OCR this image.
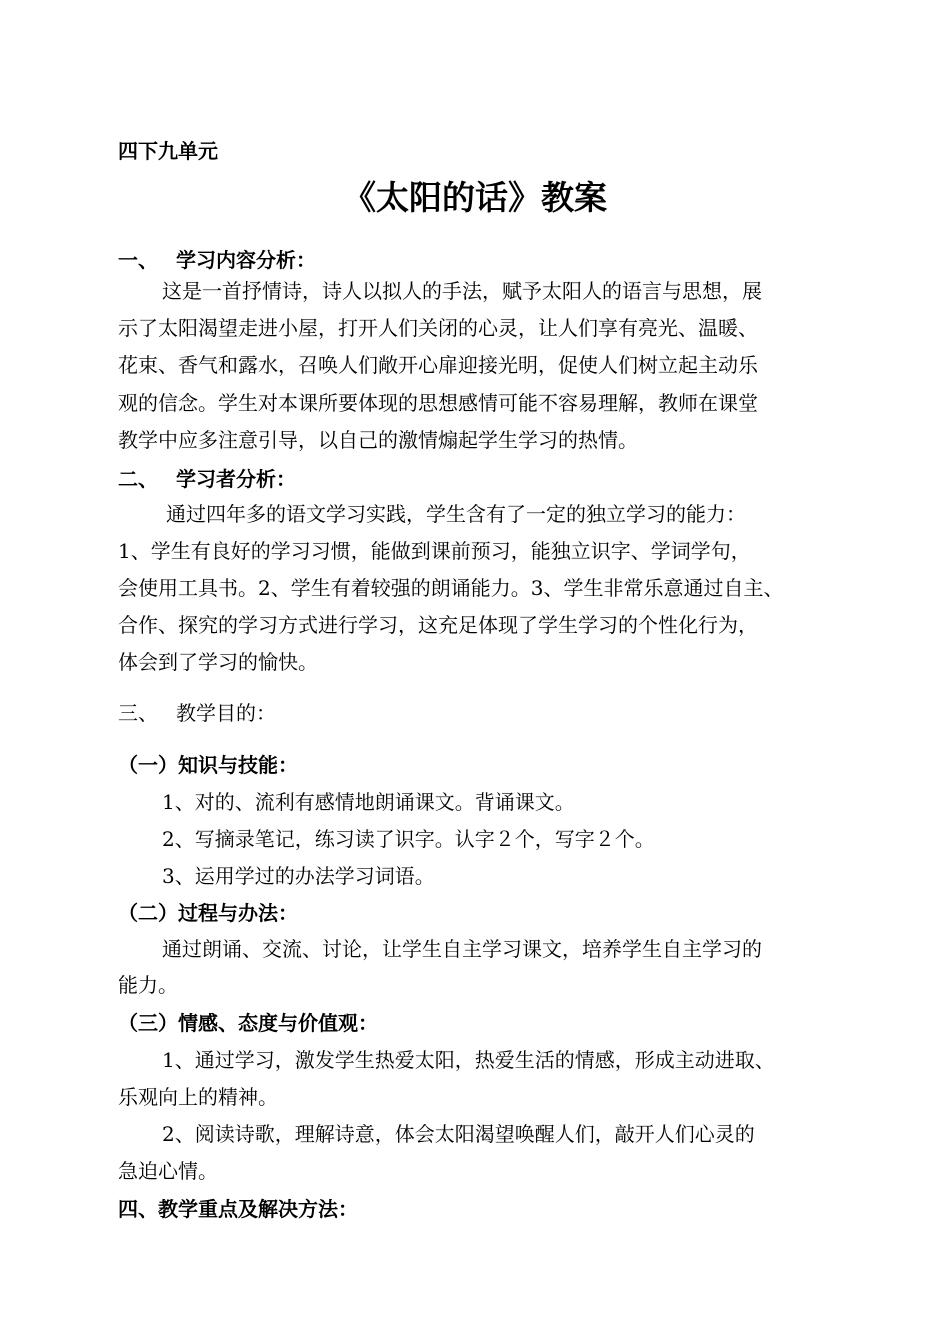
四下九单元
《太阳的话》教案
一、 学习内容分析：
这是一首抒情诗，诗人以拟人的手法，赋予太阳人的语言与思想，展
示了太阳渴望走进小屋，打开人们关闭的心灵，让人们享有亮光、温暖、
花束、香气和露水，召唤人们敞开心扉迎接光明，促使人们树立起主动乐
观的信念。学生对本课所要体现的思想感情可能不容易理解，教师在课堂
教学中应多注意引导，以自己的激情煽起学生学习的热情。
二、 学习者分析：
通过四年多的语文学习实践，学生含有了一定的独立学习的能力：
1、学生有良好的学习习惯，能做到课前预习，能独立识字、学词学句，
会使用工具书。2、学生有着较强的朗诵能力。3、学生非常乐意通过自主、
合作、探究的学习方式进行学习，这充足体现了学生学习的个性化行为，
体会到了学习的愉快。
三、 教学目的：
（一）知识与技能：
1、对的、流利有感情地朗诵课文。背诵课文。
2、写摘录笔记，练习读了识字。认字２个，写字２个。
3、运用学过的办法学习词语。
（二）过程与办法：
通过朗诵、交流、讨论，让学生自主学习课文，培养学生自主学习的
能力。
（三）情感、态度与价值观：
1、通过学习，激发学生热爱太阳，热爱生活的情感，形成主动进取、
乐观向上的精神。
2、阅读诗歌，理解诗意，体会太阳渴望唤醒人们，敲开人们心灵的
急迫心情。
四、教学重点及解决方法：
